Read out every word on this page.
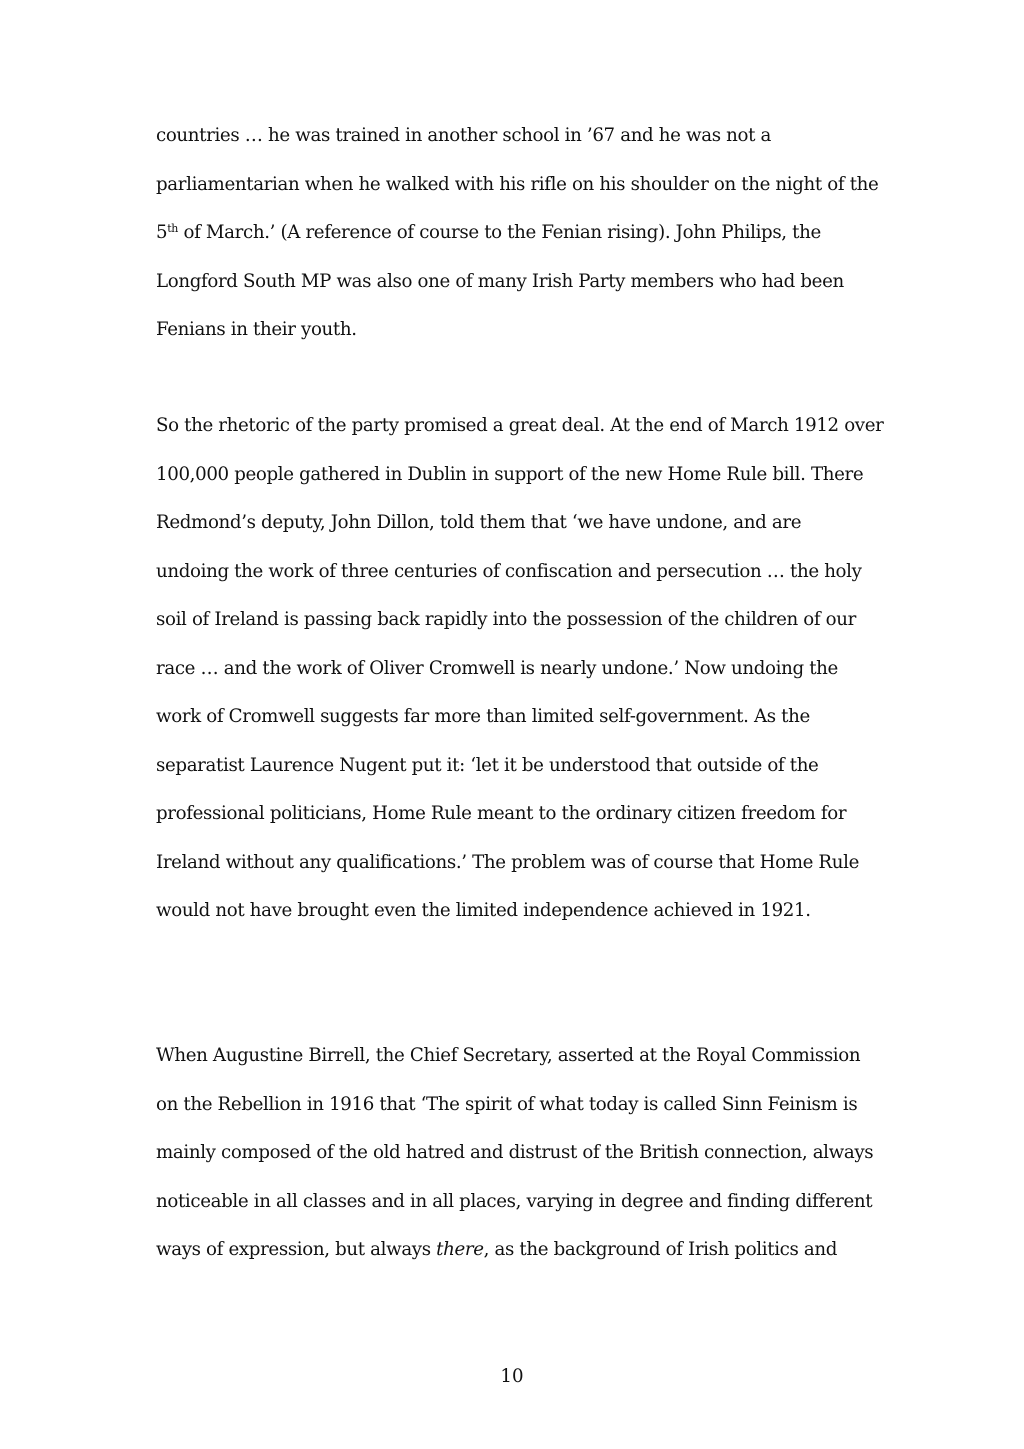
countries … he was trained in another school in ’67 and he was not a
parliamentarian when he walked with his rifle on his shoulder on the night of the
5th of March.’ (A reference of course to the Fenian rising). John Philips, the
Longford South MP was also one of many Irish Party members who had been
Fenians in their youth.

So the rhetoric of the party promised a great deal. At the end of March 1912 over
100,000 people gathered in Dublin in support of the new Home Rule bill. There
Redmond’s deputy, John Dillon, told them that ‘we have undone, and are
undoing the work of three centuries of confiscation and persecution … the holy
soil of Ireland is passing back rapidly into the possession of the children of our
race … and the work of Oliver Cromwell is nearly undone.’ Now undoing the
work of Cromwell suggests far more than limited self-government. As the
separatist Laurence Nugent put it: ‘let it be understood that outside of the
professional politicians, Home Rule meant to the ordinary citizen freedom for
Ireland without any qualifications.’ The problem was of course that Home Rule
would not have brought even the limited independence achieved in 1921.

When Augustine Birrell, the Chief Secretary, asserted at the Royal Commission
on the Rebellion in 1916 that ‘The spirit of what today is called Sinn Feinism is
mainly composed of the old hatred and distrust of the British connection, always
noticeable in all classes and in all places, varying in degree and finding different
ways of expression, but always there, as the background of Irish politics and

10
